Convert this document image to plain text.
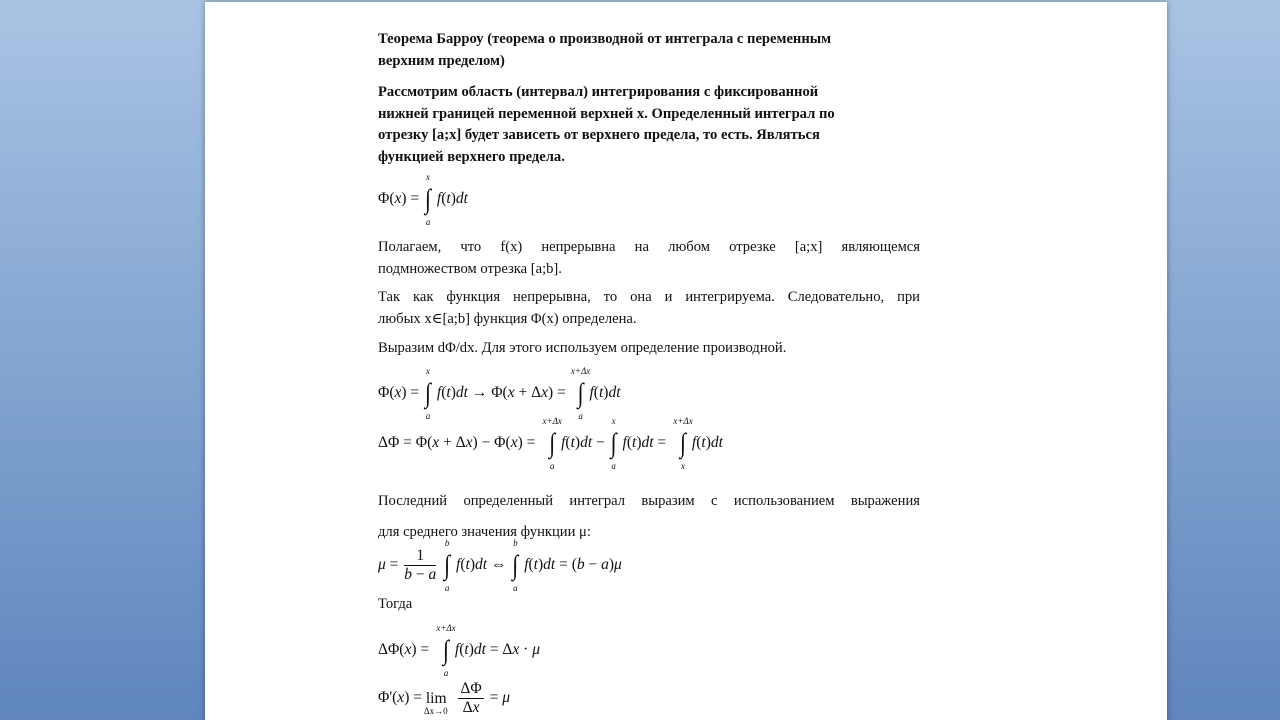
Теорема Барроу (теорема о производной от интеграла с переменным
верхним пределом)
Рассмотрим область (интервал) интегрирования с фиксированной
нижней границей переменной верхней x. Определенный интеграл по
отрезку [a;x] будет зависеть от верхнего предела, то есть. Являться
функцией верхнего предела.
Φ(x) = ∫
x
a
f(t)dt
Полагаем, что f(x) непрерывна на любом отрезке [a;x] являющемся
подмножеством отрезка [a;b].
Так как функция непрерывна, то она и интегрируема. Следовательно, при
любых x∈[a;b] функция Φ(x) определена.
Выразим dΦ/dx. Для этого используем определение производной.
Φ(x) = ∫
x
a
f(t)dt → Φ(x + Δx) = ∫
x+Δx
a
f(t)dt
ΔΦ = Φ(x + Δx) − Φ(x) = ∫
x+Δx
a
f(t)dt − ∫
x
a
f(t)dt = ∫
x+Δx
x
f(t)dt
Последний определенный интеграл выразим с использованием выражения
для среднего значения функции μ:
$\mu = \frac{1}{b - a}$ ∫
b
a
f(t)dt ⇔ ∫
b
a
f(t)dt = (b − a)μ
Тогда
ΔΦ(x) = ∫
x+Δx
a
f(t)dt = Δx · μ
Φ'(x) = lim
Δx→0
$\frac{\Delta\Phi}{\Delta x} = \mu$
